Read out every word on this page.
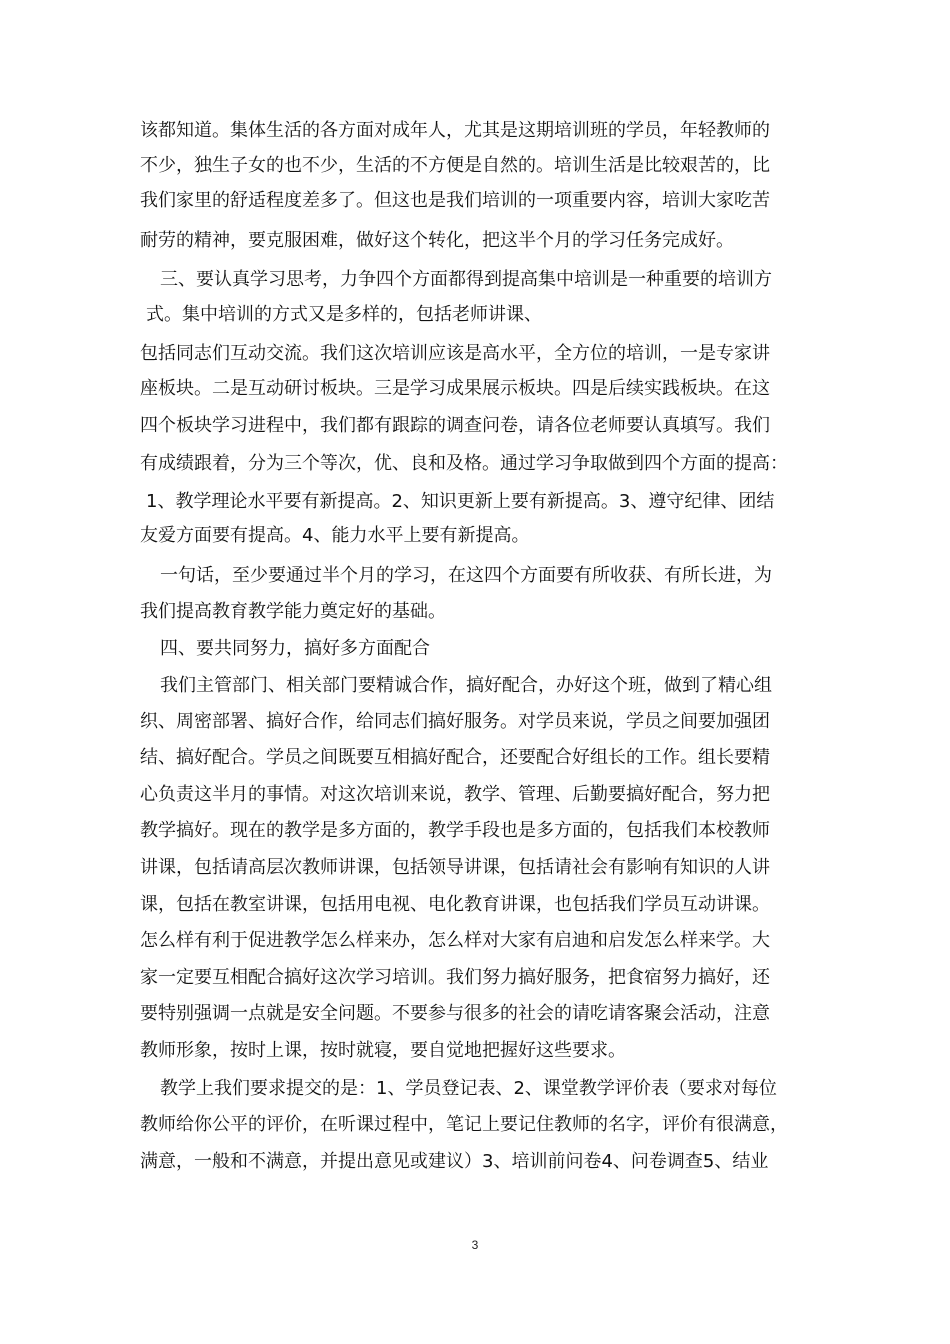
该都知道。集体生活的各方面对成年人，尤其是这期培训班的学员，年轻教师的
不少，独生子女的也不少，生活的不方便是自然的。培训生活是比较艰苦的，比
我们家里的舒适程度差多了。但这也是我们培训的一项重要内容，培训大家吃苦
耐劳的精神，要克服困难，做好这个转化，把这半个月的学习任务完成好。
三、要认真学习思考，力争四个方面都得到提高集中培训是一种重要的培训方
式。集中培训的方式又是多样的，包括老师讲课、
包括同志们互动交流。我们这次培训应该是高水平，全方位的培训，一是专家讲
座板块。二是互动研讨板块。三是学习成果展示板块。四是后续实践板块。在这
四个板块学习进程中，我们都有跟踪的调查问卷，请各位老师要认真填写。我们
有成绩跟着，分为三个等次，优、良和及格。通过学习争取做到四个方面的提高：
1、教学理论水平要有新提高。2、知识更新上要有新提高。3、遵守纪律、团结
友爱方面要有提高。4、能力水平上要有新提高。
一句话，至少要通过半个月的学习，在这四个方面要有所收获、有所长进，为
我们提高教育教学能力奠定好的基础。
四、要共同努力，搞好多方面配合
我们主管部门、相关部门要精诚合作，搞好配合，办好这个班，做到了精心组
织、周密部署、搞好合作，给同志们搞好服务。对学员来说，学员之间要加强团
结、搞好配合。学员之间既要互相搞好配合，还要配合好组长的工作。组长要精
心负责这半月的事情。对这次培训来说，教学、管理、后勤要搞好配合，努力把
教学搞好。现在的教学是多方面的，教学手段也是多方面的，包括我们本校教师
讲课，包括请高层次教师讲课，包括领导讲课，包括请社会有影响有知识的人讲
课，包括在教室讲课，包括用电视、电化教育讲课，也包括我们学员互动讲课。
怎么样有利于促进教学怎么样来办，怎么样对大家有启迪和启发怎么样来学。大
家一定要互相配合搞好这次学习培训。我们努力搞好服务，把食宿努力搞好，还
要特别强调一点就是安全问题。不要参与很多的社会的请吃请客聚会活动，注意
教师形象，按时上课，按时就寝，要自觉地把握好这些要求。
教学上我们要求提交的是：1、学员登记表、2、课堂教学评价表（要求对每位
教师给你公平的评价，在听课过程中，笔记上要记住教师的名字，评价有很满意，
满意，一般和不满意，并提出意见或建议）3、培训前问卷4、问卷调查5、结业
3
